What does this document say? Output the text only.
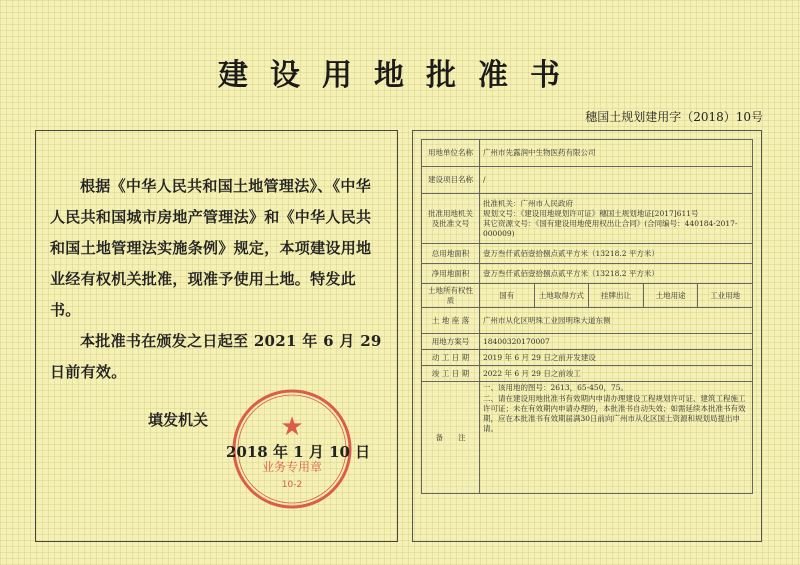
建设用地批准书
穗国土规划建用字（2018）10号

根据《中华人民共和国土地管理法》、《中华人民共和国城市房地产管理法》和《中华人民共和国土地管理法实施条例》规定，本项建设用地业经有权机关批准，现准予使用土地。特发此书。

本批准书在颁发之日起至 2021 年 6 月 29 日前有效。

填发机关	★
业务专用章
10-2
2018 年 1 月 10 日
用地单位名称	广州市先露润中生物医药有限公司				
建设项目名称	/				
批准用地机关及批准文号	批准机关：广州市人民政府
规划文号：《建设用地规划许可证》穗国土规划地证[2017]611号
其它资源文号：《国有建设用地使用权出让合同》(合同编号：440184-2017-000009)				

总用地面积	壹万叁仟贰佰壹拾捌点贰平方米（13218.2 平方米）				
净用地面积	壹万叁仟贰佰壹拾捌点贰平方米（13218.2 平方米）				
土地所有权性质	国有	土地取得方式	挂牌出让	土地用途	工业用地
土 地 座 落	广州市从化区明珠工业园明珠大道东侧				
用地方案号	18400320170007				
动 工 日 期	2019 年 6 月 29 日之前开发建设				
竣 工 日 期	2022 年 6 月 29 日之前竣工				
备　　注	一、该用地的图号：2613，65-450，75。
二、请在建设用地批准书有效期内申请办理建设工程规划许可证、建筑工程施工许可证；未在有效期内申请办理的，本批准书自动失效；如需延续本批准书有效期，应在本批准书有效期届满30日前向广州市从化区国土资源和规划局提出申请。				
